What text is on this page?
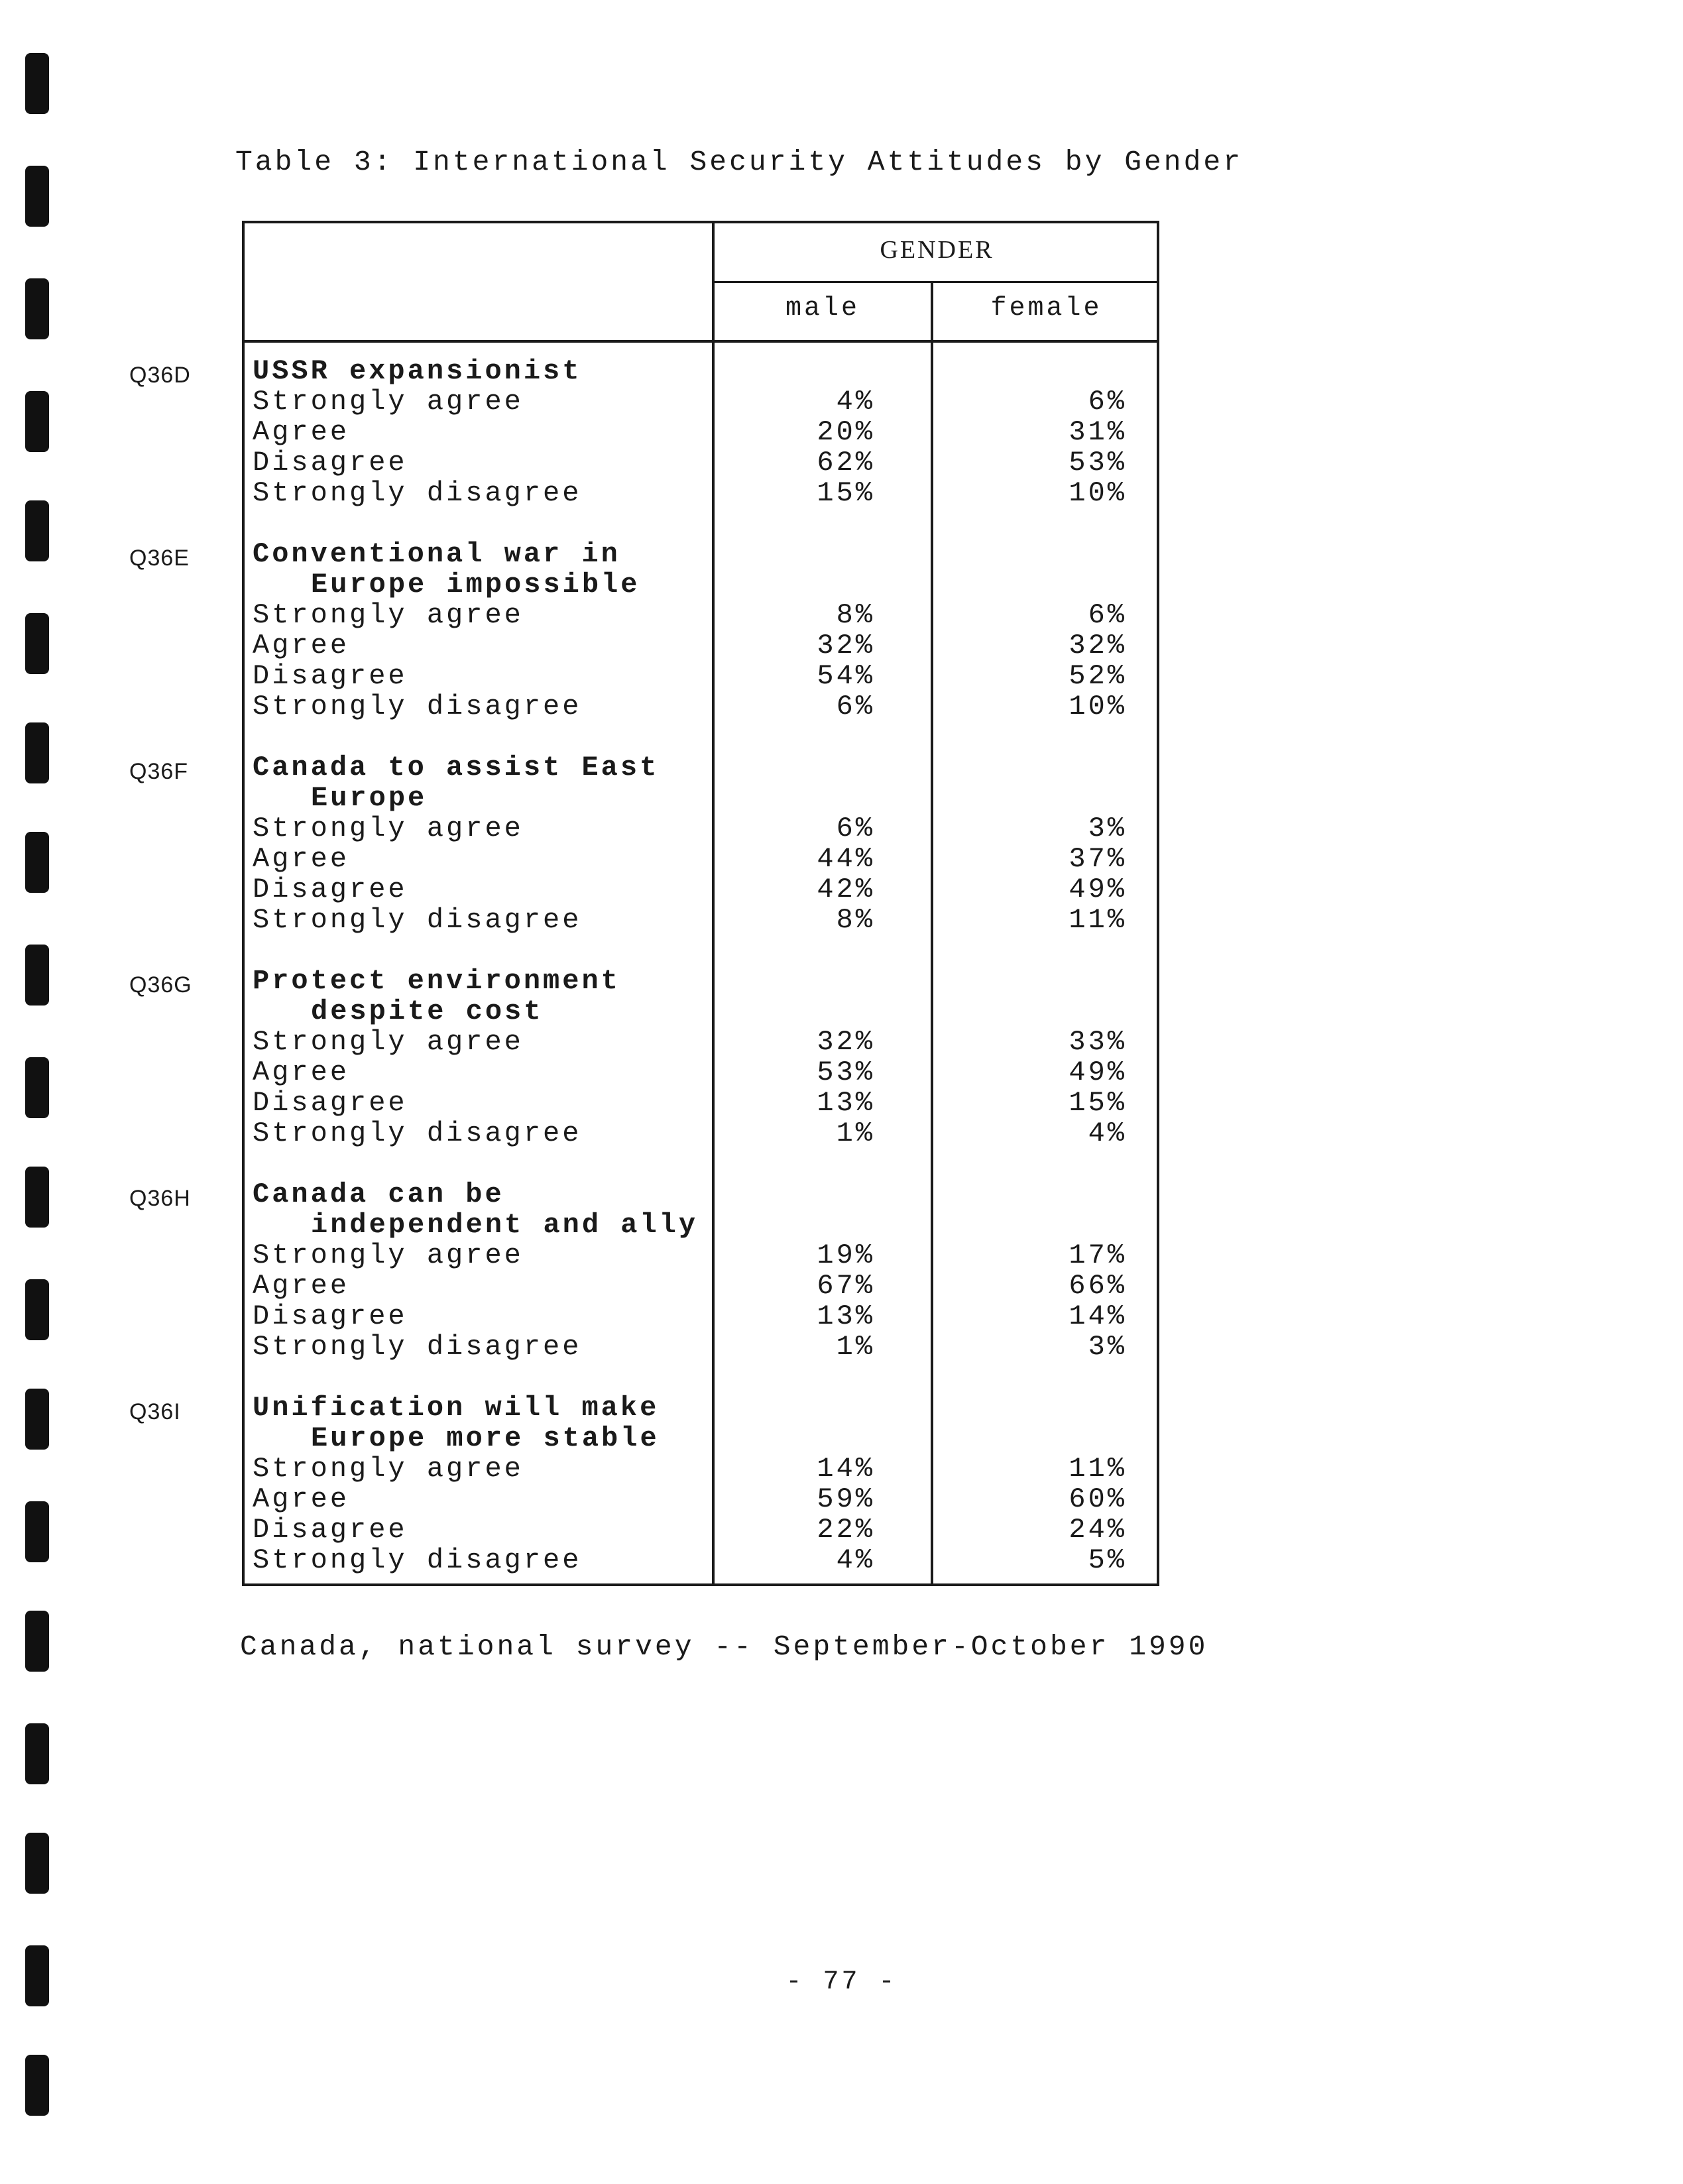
Table 3: International Security Attitudes by Gender
Q36D
Q36E
Q36F
Q36G
Q36H
Q36I
GENDER
male	female
USSR expansionist
Strongly agree	4%	6%
Agree	20%	31%
Disagree	62%	53%
Strongly disagree	15%	10%
Conventional war in
Europe impossible
Strongly agree	8%	6%
Agree	32%	32%
Disagree	54%	52%
Strongly disagree	6%	10%
Canada to assist East
Europe
Strongly agree	6%	3%
Agree	44%	37%
Disagree	42%	49%
Strongly disagree	8%	11%
Protect environment
despite cost
Strongly agree	32%	33%
Agree	53%	49%
Disagree	13%	15%
Strongly disagree	1%	4%
Canada can be
independent and ally
Strongly agree	19%	17%
Agree	67%	66%
Disagree	13%	14%
Strongly disagree	1%	3%
Unification will make
Europe more stable
Strongly agree	14%	11%
Agree	59%	60%
Disagree	22%	24%
Strongly disagree	4%	5%
Canada, national survey -- September-October 1990
- 77 -
